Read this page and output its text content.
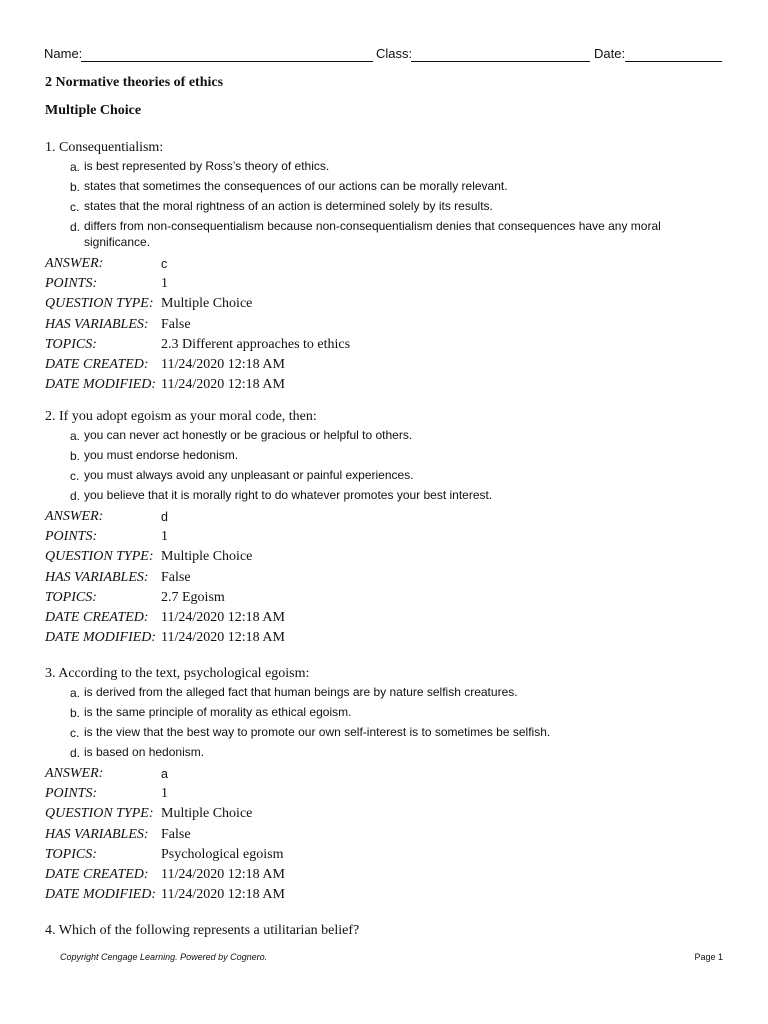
Name:	Class:	Date:
2 Normative theories of ethics
Multiple Choice
1. Consequentialism:
a. is best represented by Ross’s theory of ethics.
b. states that sometimes the consequences of our actions can be morally relevant.
c. states that the moral rightness of an action is determined solely by its results.
d. differs from non-consequentialism because non-consequentialism denies that consequences have any moral significance.
ANSWER:	c
POINTS:	1
QUESTION TYPE: Multiple Choice
HAS VARIABLES: False
TOPICS:	2.3 Different approaches to ethics
DATE CREATED: 11/24/2020 12:18 AM
DATE MODIFIED: 11/24/2020 12:18 AM
2. If you adopt egoism as your moral code, then:
a. you can never act honestly or be gracious or helpful to others.
b. you must endorse hedonism.
c. you must always avoid any unpleasant or painful experiences.
d. you believe that it is morally right to do whatever promotes your best interest.
ANSWER:	d
POINTS:	1
QUESTION TYPE: Multiple Choice
HAS VARIABLES: False
TOPICS:	2.7 Egoism
DATE CREATED: 11/24/2020 12:18 AM
DATE MODIFIED: 11/24/2020 12:18 AM
3. According to the text, psychological egoism:
a. is derived from the alleged fact that human beings are by nature selfish creatures.
b. is the same principle of morality as ethical egoism.
c. is the view that the best way to promote our own self-interest is to sometimes be selfish.
d. is based on hedonism.
ANSWER:	a
POINTS:	1
QUESTION TYPE: Multiple Choice
HAS VARIABLES: False
TOPICS:	Psychological egoism
DATE CREATED: 11/24/2020 12:18 AM
DATE MODIFIED: 11/24/2020 12:18 AM
4. Which of the following represents a utilitarian belief?
Copyright Cengage Learning. Powered by Cognero.	Page 1
